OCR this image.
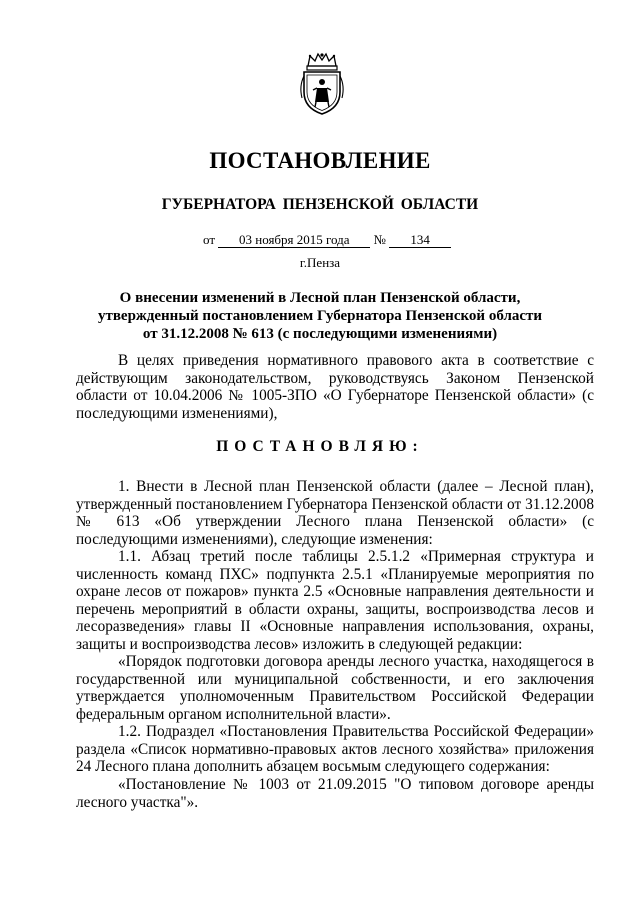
ПОСТАНОВЛЕНИЕ
ГУБЕРНАТОРА ПЕНЗЕНСКОЙ ОБЛАСТИ
от 03 ноября 2015 года № 134
г.Пенза
О внесении изменений в Лесной план Пензенской области,
утвержденный постановлением Губернатора Пензенской области
от 31.12.2008 № 613 (с последующими изменениями)

В целях приведения нормативного правового акта в соответствие с действующим законодательством, руководствуясь Законом Пензенской области от 10.04.2006 № 1005-ЗПО «О Губернаторе Пензенской области» (с последующими изменениями),

ПОСТАНОВЛЯЮ:

1. Внести в Лесной план Пензенской области (далее – Лесной план), утвержденный постановлением Губернатора Пензенской области от 31.12.2008 № 613 «Об утверждении Лесного плана Пензенской области» (с последующими изменениями), следующие изменения:

1.1. Абзац третий после таблицы 2.5.1.2 «Примерная структура и численность команд ПХС» подпункта 2.5.1 «Планируемые мероприятия по охране лесов от пожаров» пункта 2.5 «Основные направления деятельности и перечень мероприятий в области охраны, защиты, воспроизводства лесов и лесоразведения» главы II «Основные направления использования, охраны, защиты и воспроизводства лесов» изложить в следующей редакции:

«Порядок подготовки договора аренды лесного участка, находящегося в государственной или муниципальной собственности, и его заключения утверждается уполномоченным Правительством Российской Федерации федеральным органом исполнительной власти».

1.2. Подраздел «Постановления Правительства Российской Федерации» раздела «Список нормативно-правовых актов лесного хозяйства» приложения 24 Лесного плана дополнить абзацем восьмым следующего содержания:

«Постановление № 1003 от 21.09.2015 "О типовом договоре аренды лесного участка"».
